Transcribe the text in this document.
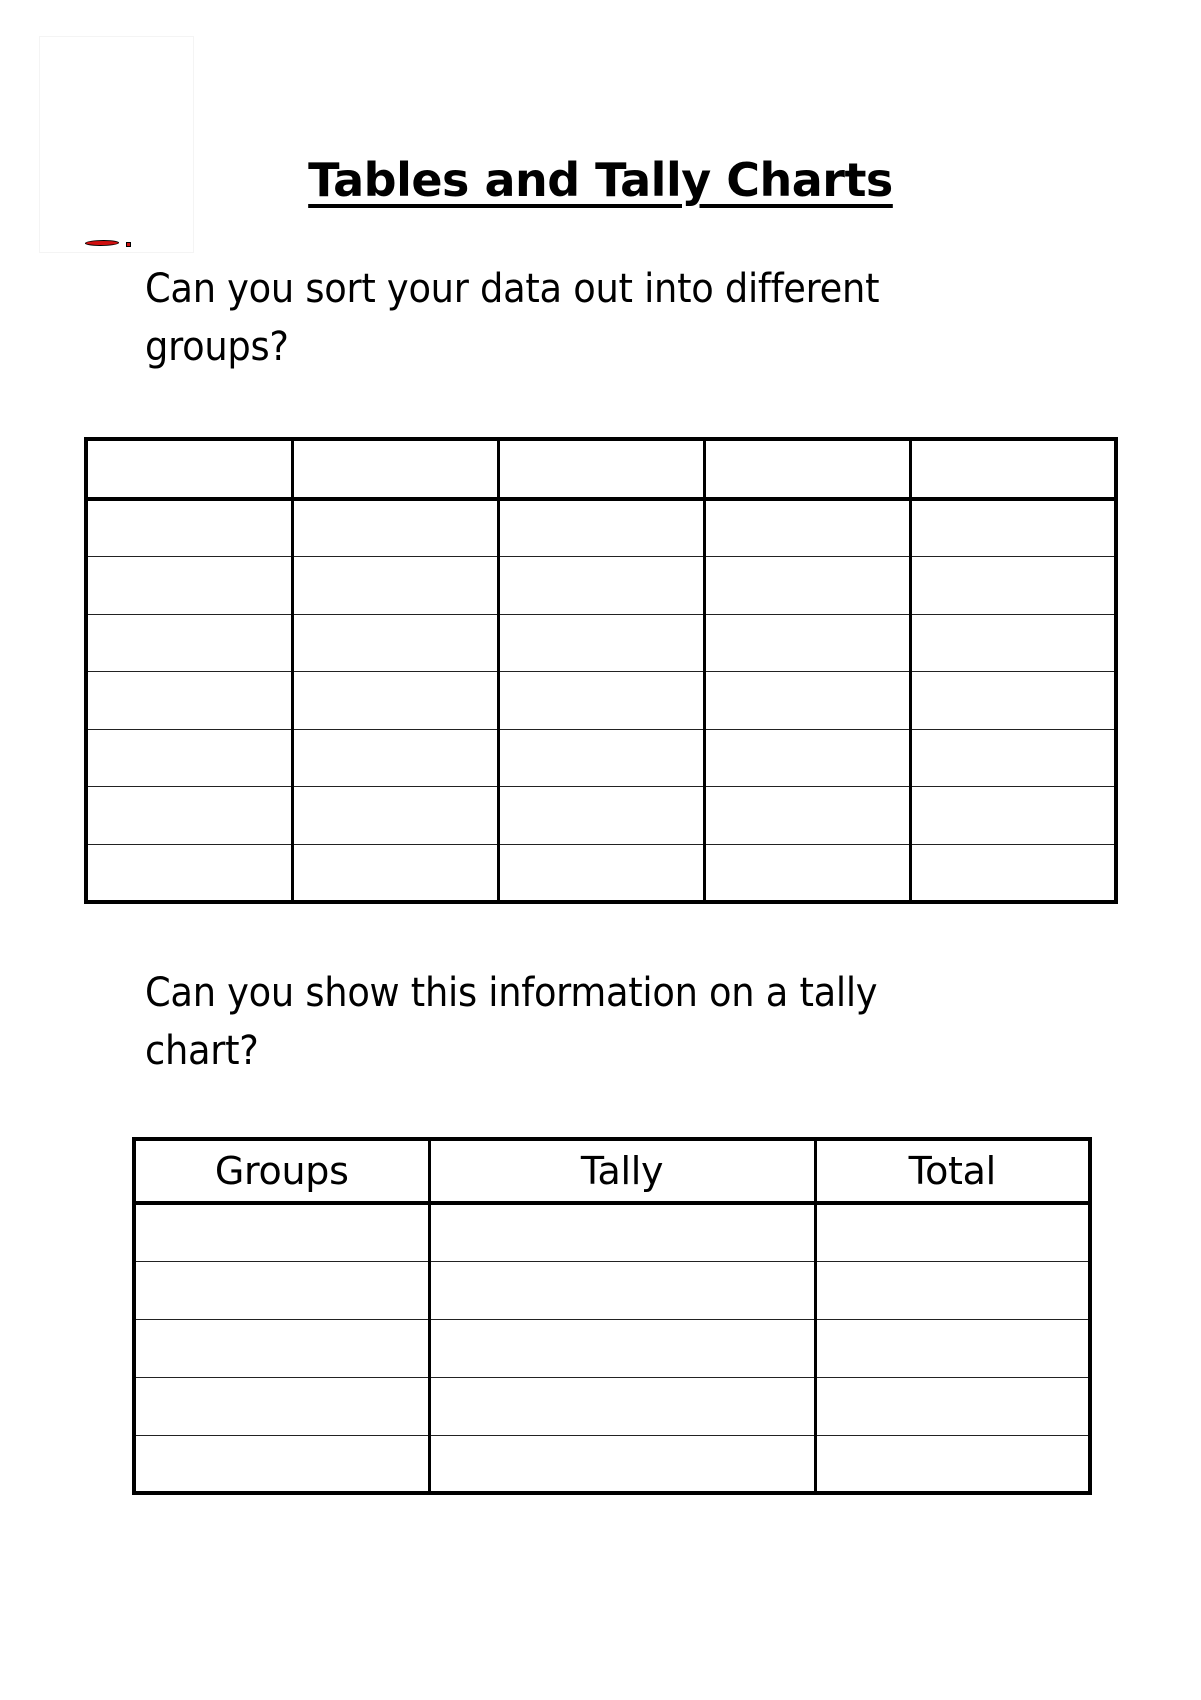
Tables and Tally Charts
Can you sort your data out into different groups?

Can you show this information on a tally chart?
Groups	Tally	Total
